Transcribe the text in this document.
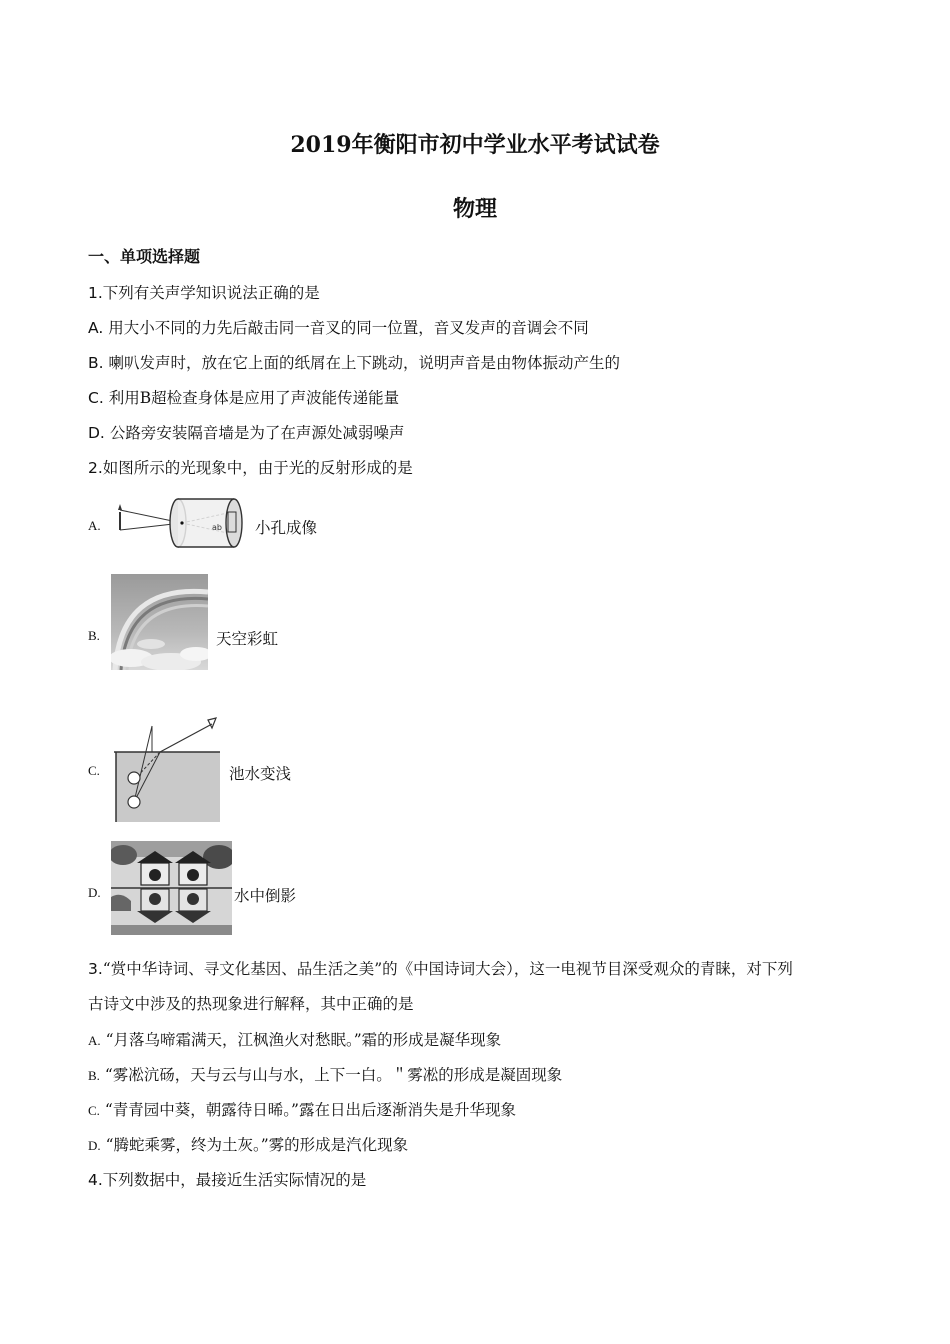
2019年衡阳市初中学业水平考试试卷
物理
一、单项选择题
1.下列有关声学知识说法正确的是
A. 用大小不同的力先后敲击同一音叉的同一位置，音叉发声的音调会不同
B. 喇叭发声时，放在它上面的纸屑在上下跳动，说明声音是由物体振动产生的
C. 利用B超检查身体是应用了声波能传递能量
D. 公路旁安装隔音墙是为了在声源处减弱噪声
2.如图所示的光现象中，由于光的反射形成的是
A.	ab 小孔成像
B.	天空彩虹
C.	池水变浅
D.	水中倒影
3.“赏中华诗词、寻文化基因、品生活之美”的《中国诗词大会），这一电视节目深受观众的青睐，对下列
古诗文中涉及的热现象进行解释，其中正确的是
A. “月落乌啼霜满天，江枫渔火对愁眠。”霜的形成是凝华现象
B. “雾凇沆砀，天与云与山与水，上下一白。＂雾凇的形成是凝固现象
C. “青青园中葵，朝露待日晞。”露在日出后逐渐消失是升华现象
D. “腾蛇乘雾，终为土灰。”雾的形成是汽化现象
4.下列数据中，最接近生活实际情况的是
